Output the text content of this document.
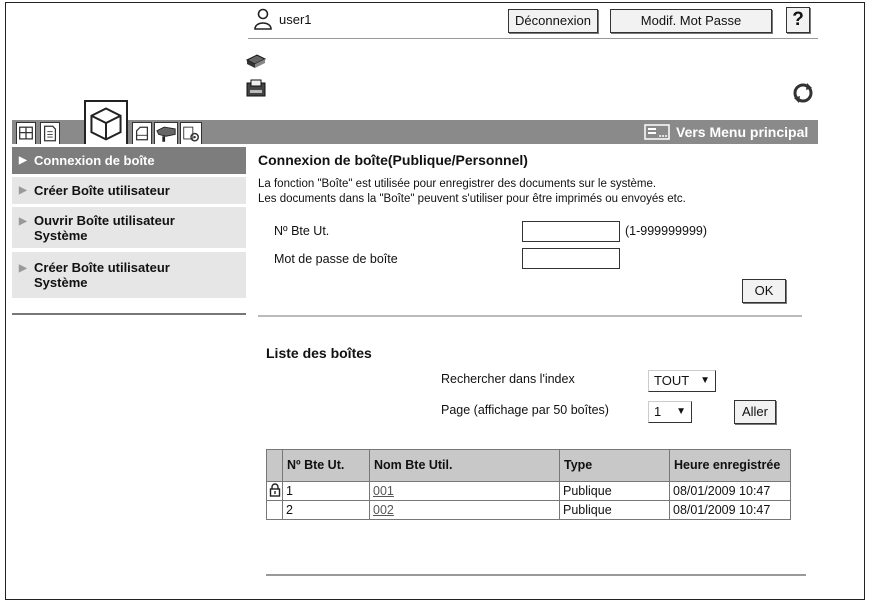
user1	Déconnexion	Modif. Mot Passe	?
Vers Menu principal
▶ Connexion de boîte
▶ Créer Boîte utilisateur
▶ Ouvrir Boîte utilisateur
Système
▶ Créer Boîte utilisateur
Système
Connexion de boîte(Publique/Personnel)
La fonction "Boîte" est utilisée pour enregistrer des documents sur le système.
Les documents dans la "Boîte" peuvent s'utiliser pour être imprimés ou envoyés etc.
Nº Bte Ut.	(1-999999999)
Mot de passe de boîte
OK
Liste des boîtes
Rechercher dans l'index	TOUT ▼
Page (affichage par 50 boîtes)	1 ▼	Aller
	Nº Bte Ut.	Nom Bte Util.	Type	Heure enregistrée
	1	001	Publique	08/01/2009 10:47
	2	002	Publique	08/01/2009 10:47
